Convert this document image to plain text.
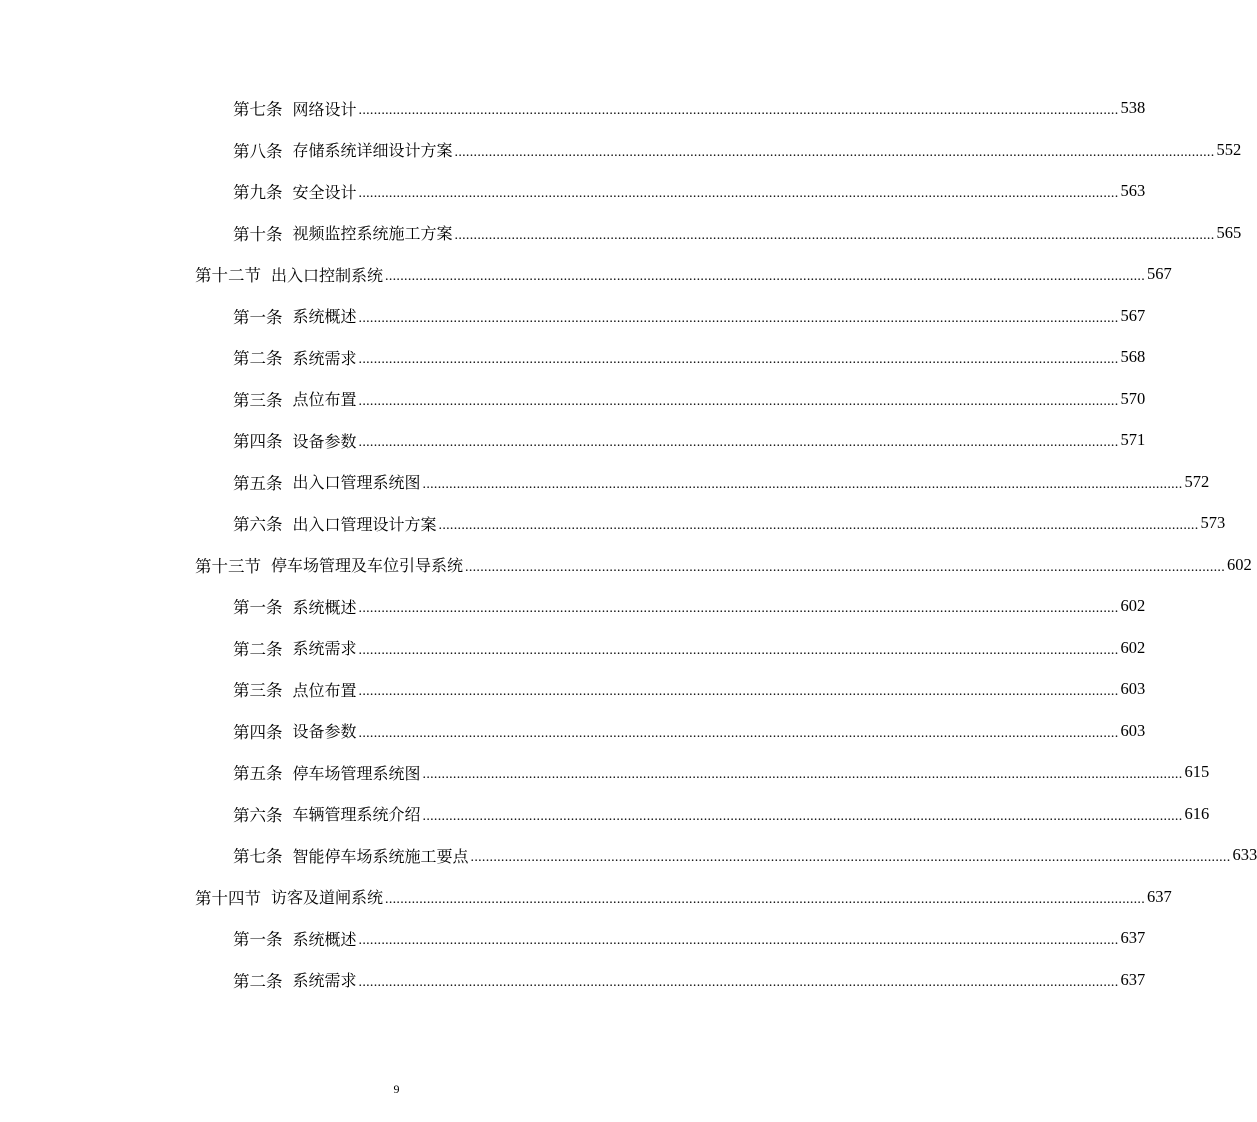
第七条 网络设计 ........................................................................................................................................................................................................ 538
第八条 存储系统详细设计方案 ........................................................................................................................................................................................................ 552
第九条 安全设计 ........................................................................................................................................................................................................ 563
第十条 视频监控系统施工方案 ........................................................................................................................................................................................................ 565
第十二节 出入口控制系统 ........................................................................................................................................................................................................ 567
第一条 系统概述 ........................................................................................................................................................................................................ 567
第二条 系统需求 ........................................................................................................................................................................................................ 568
第三条 点位布置 ........................................................................................................................................................................................................ 570
第四条 设备参数 ........................................................................................................................................................................................................ 571
第五条 出入口管理系统图 ........................................................................................................................................................................................................ 572
第六条 出入口管理设计方案 ........................................................................................................................................................................................................ 573
第十三节 停车场管理及车位引导系统 ........................................................................................................................................................................................................ 602
第一条 系统概述 ........................................................................................................................................................................................................ 602
第二条 系统需求 ........................................................................................................................................................................................................ 602
第三条 点位布置 ........................................................................................................................................................................................................ 603
第四条 设备参数 ........................................................................................................................................................................................................ 603
第五条 停车场管理系统图 ........................................................................................................................................................................................................ 615
第六条 车辆管理系统介绍 ........................................................................................................................................................................................................ 616
第七条 智能停车场系统施工要点 ........................................................................................................................................................................................................ 633
第十四节 访客及道闸系统 ........................................................................................................................................................................................................ 637
第一条 系统概述 ........................................................................................................................................................................................................ 637
第二条 系统需求 ........................................................................................................................................................................................................ 637
9
